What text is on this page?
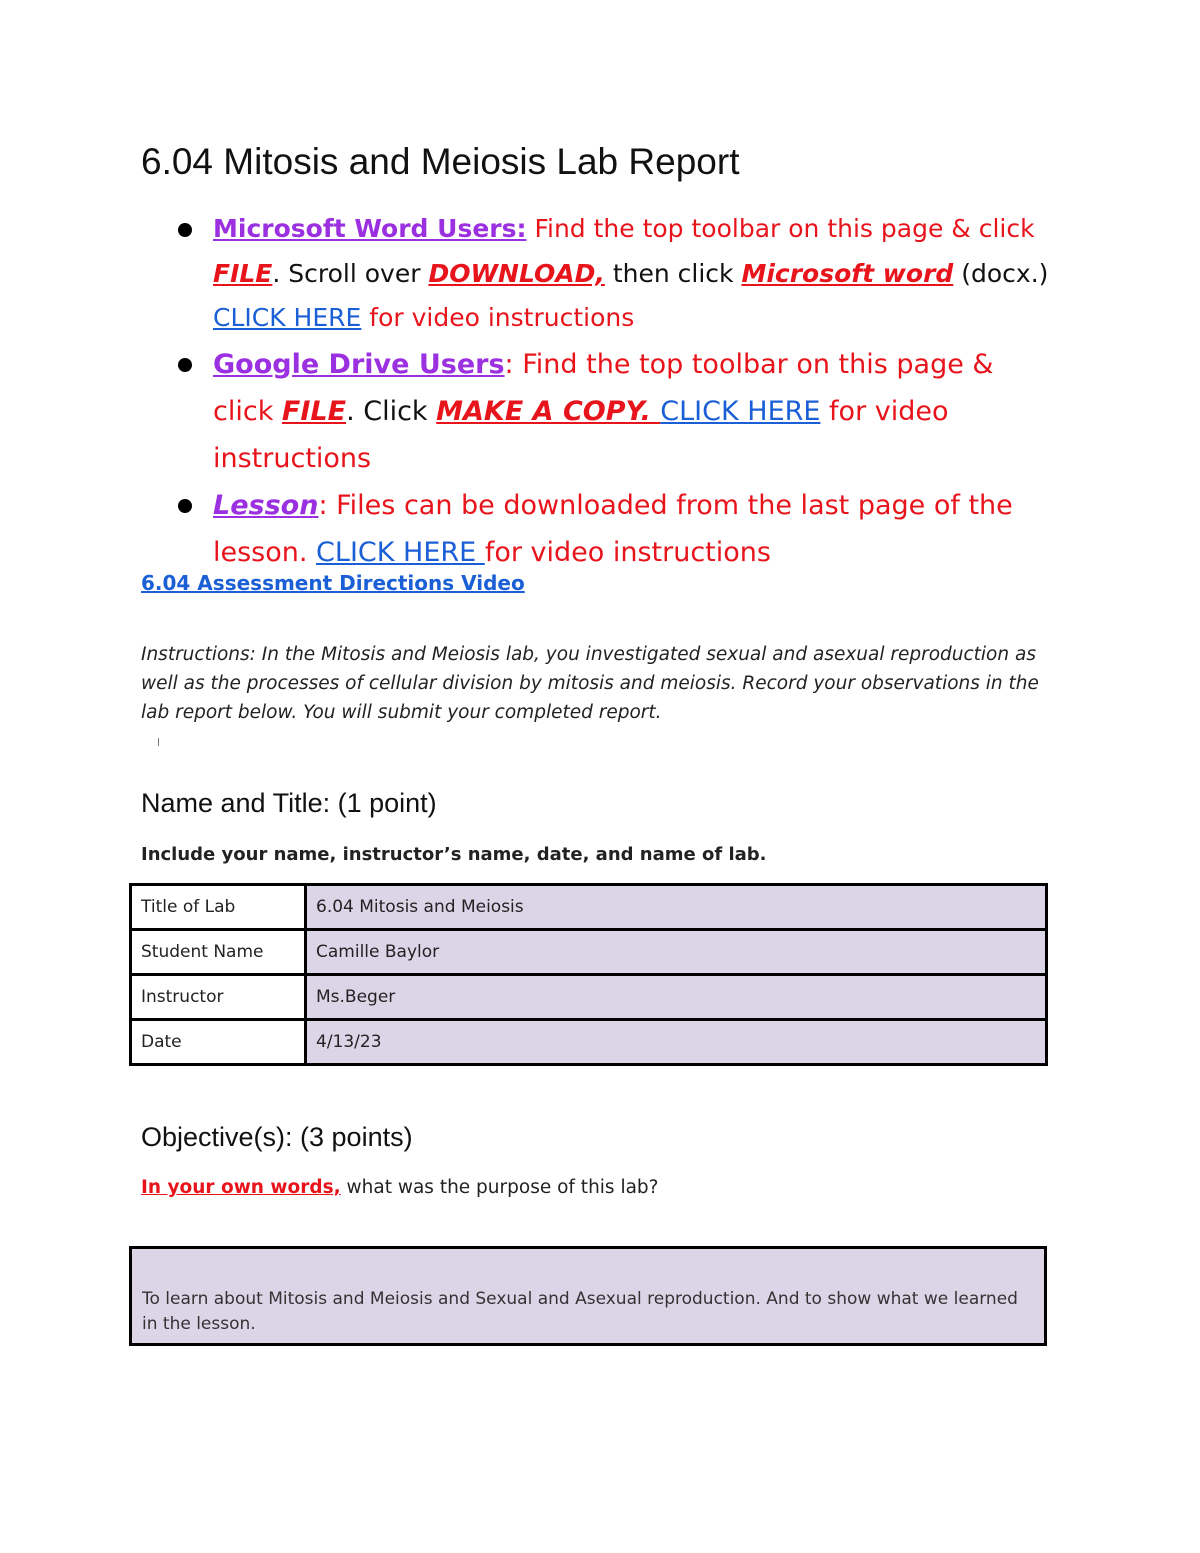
6.04 Mitosis and Meiosis Lab Report
Microsoft Word Users: Find the top toolbar on this page & click FILE. Scroll over DOWNLOAD, then click Microsoft word (docx.)
CLICK HERE for video instructions
Google Drive Users: Find the top toolbar on this page & click FILE. Click MAKE A COPY. CLICK HERE for video instructions
Lesson: Files can be downloaded from the last page of the lesson. CLICK HERE for video instructions
6.04 Assessment Directions Video
Instructions: In the Mitosis and Meiosis lab, you investigated sexual and asexual reproduction as well as the processes of cellular division by mitosis and meiosis. Record your observations in the lab report below. You will submit your completed report.
Name and Title: (1 point)
Include your name, instructor’s name, date, and name of lab.
Title of Lab	6.04 Mitosis and Meiosis
Student Name	Camille Baylor
Instructor	Ms.Beger
Date	4/13/23
Objective(s): (3 points)
In your own words, what was the purpose of this lab?
To learn about Mitosis and Meiosis and Sexual and Asexual reproduction. And to show what we learned in the lesson.
